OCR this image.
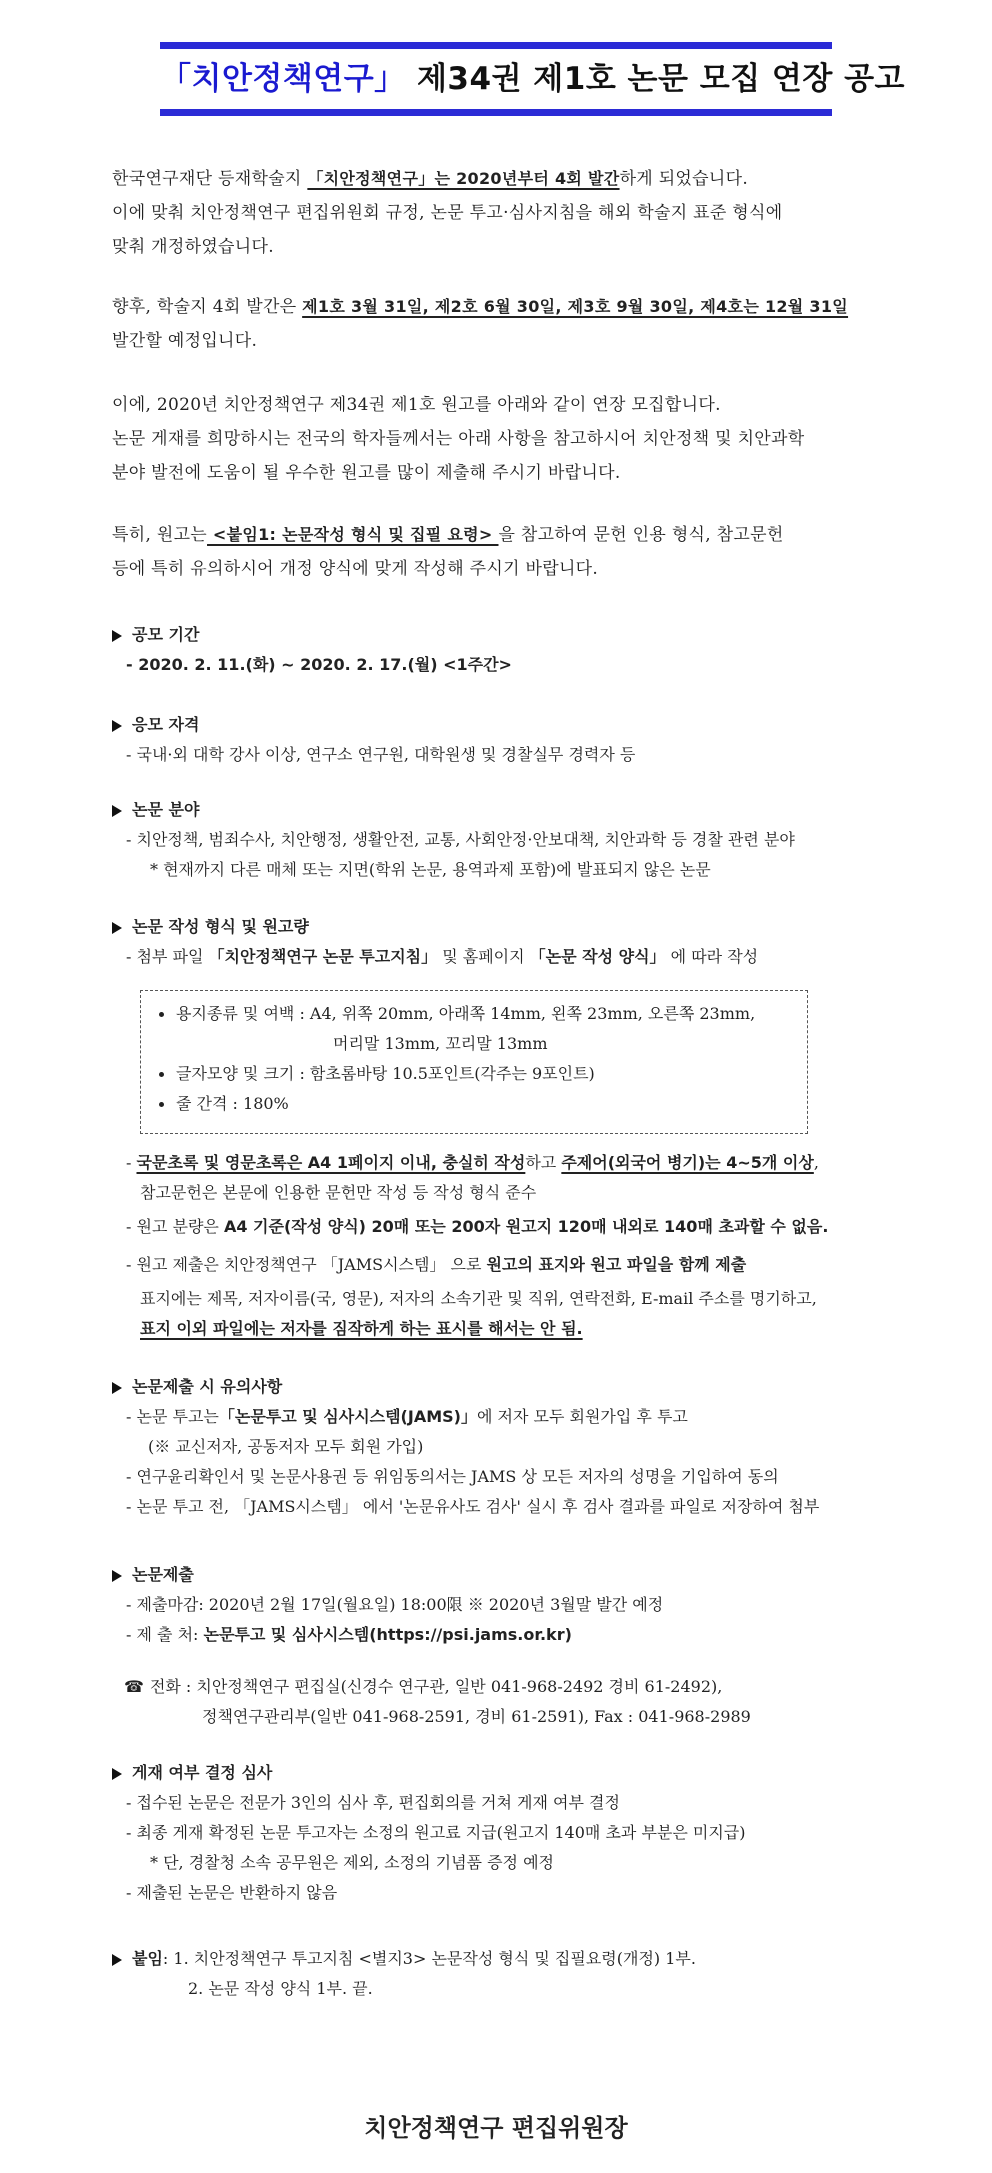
「치안정책연구」 제34권 제1호 논문 모집 연장 공고
한국연구재단 등재학술지 「치안정책연구」는 2020년부터 4회 발간하게 되었습니다.
이에 맞춰 치안정책연구 편집위원회 규정, 논문 투고·심사지침을 해외 학술지 표준 형식에
맞춰 개정하였습니다.
향후, 학술지 4회 발간은 제1호 3월 31일, 제2호 6월 30일, 제3호 9월 30일, 제4호는 12월 31일
발간할 예정입니다.
이에, 2020년 치안정책연구 제34권 제1호 원고를 아래와 같이 연장 모집합니다.
논문 게재를 희망하시는 전국의 학자들께서는 아래 사항을 참고하시어 치안정책 및 치안과학
분야 발전에 도움이 될 우수한 원고를 많이 제출해 주시기 바랍니다.
특히, 원고는 <붙임1: 논문작성 형식 및 집필 요령> 을 참고하여 문헌 인용 형식, 참고문헌
등에 특히 유의하시어 개정 양식에 맞게 작성해 주시기 바랍니다.
공모 기간
- 2020. 2. 11.(화) ~ 2020. 2. 17.(월) <1주간>
응모 자격
- 국내·외 대학 강사 이상, 연구소 연구원, 대학원생 및 경찰실무 경력자 등
논문 분야
- 치안정책, 범죄수사, 치안행정, 생활안전, 교통, 사회안정·안보대책, 치안과학 등 경찰 관련 분야
* 현재까지 다른 매체 또는 지면(학위 논문, 용역과제 포함)에 발표되지 않은 논문
논문 작성 형식 및 원고량
- 첨부 파일 「치안정책연구 논문 투고지침」 및 홈페이지 「논문 작성 양식」 에 따라 작성
용지종류 및 여백 : A4, 위쪽 20mm, 아래쪽 14mm, 왼쪽 23mm, 오른쪽 23mm,
머리말 13mm, 꼬리말 13mm
글자모양 및 크기 : 함초롬바탕 10.5포인트(각주는 9포인트)
줄 간격 : 180%
- 국문초록 및 영문초록은 A4 1페이지 이내, 충실히 작성하고 주제어(외국어 병기)는 4~5개 이상,
참고문헌은 본문에 인용한 문헌만 작성 등 작성 형식 준수
- 원고 분량은 A4 기준(작성 양식) 20매 또는 200자 원고지 120매 내외로 140매 초과할 수 없음.
- 원고 제출은 치안정책연구 「JAMS시스템」 으로 원고의 표지와 원고 파일을 함께 제출
표지에는 제목, 저자이름(국, 영문), 저자의 소속기관 및 직위, 연락전화, E-mail 주소를 명기하고,
표지 이외 파일에는 저자를 짐작하게 하는 표시를 해서는 안 됨.
논문제출 시 유의사항
- 논문 투고는「논문투고 및 심사시스템(JAMS)」에 저자 모두 회원가입 후 투고
(※ 교신저자, 공동저자 모두 회원 가입)
- 연구윤리확인서 및 논문사용권 등 위임동의서는 JAMS 상 모든 저자의 성명을 기입하여 동의
- 논문 투고 전, 「JAMS시스템」 에서 '논문유사도 검사' 실시 후 검사 결과를 파일로 저장하여 첨부
논문제출
- 제출마감: 2020년 2월 17일(월요일) 18:00限 ※ 2020년 3월말 발간 예정
- 제 출 처: 논문투고 및 심사시스템(https://psi.jams.or.kr)
☎ 전화 : 치안정책연구 편집실(신경수 연구관, 일반 041-968-2492 경비 61-2492),
정책연구관리부(일반 041-968-2591, 경비 61-2591), Fax : 041-968-2989
게재 여부 결정 심사
- 접수된 논문은 전문가 3인의 심사 후, 편집회의를 거쳐 게재 여부 결정
- 최종 게재 확정된 논문 투고자는 소정의 원고료 지급(원고지 140매 초과 부분은 미지급)
* 단, 경찰청 소속 공무원은 제외, 소정의 기념품 증정 예정
- 제출된 논문은 반환하지 않음
붙임: 1. 치안정책연구 투고지침 <별지3> 논문작성 형식 및 집필요령(개정) 1부.
2. 논문 작성 양식 1부. 끝.
치안정책연구 편집위원장
